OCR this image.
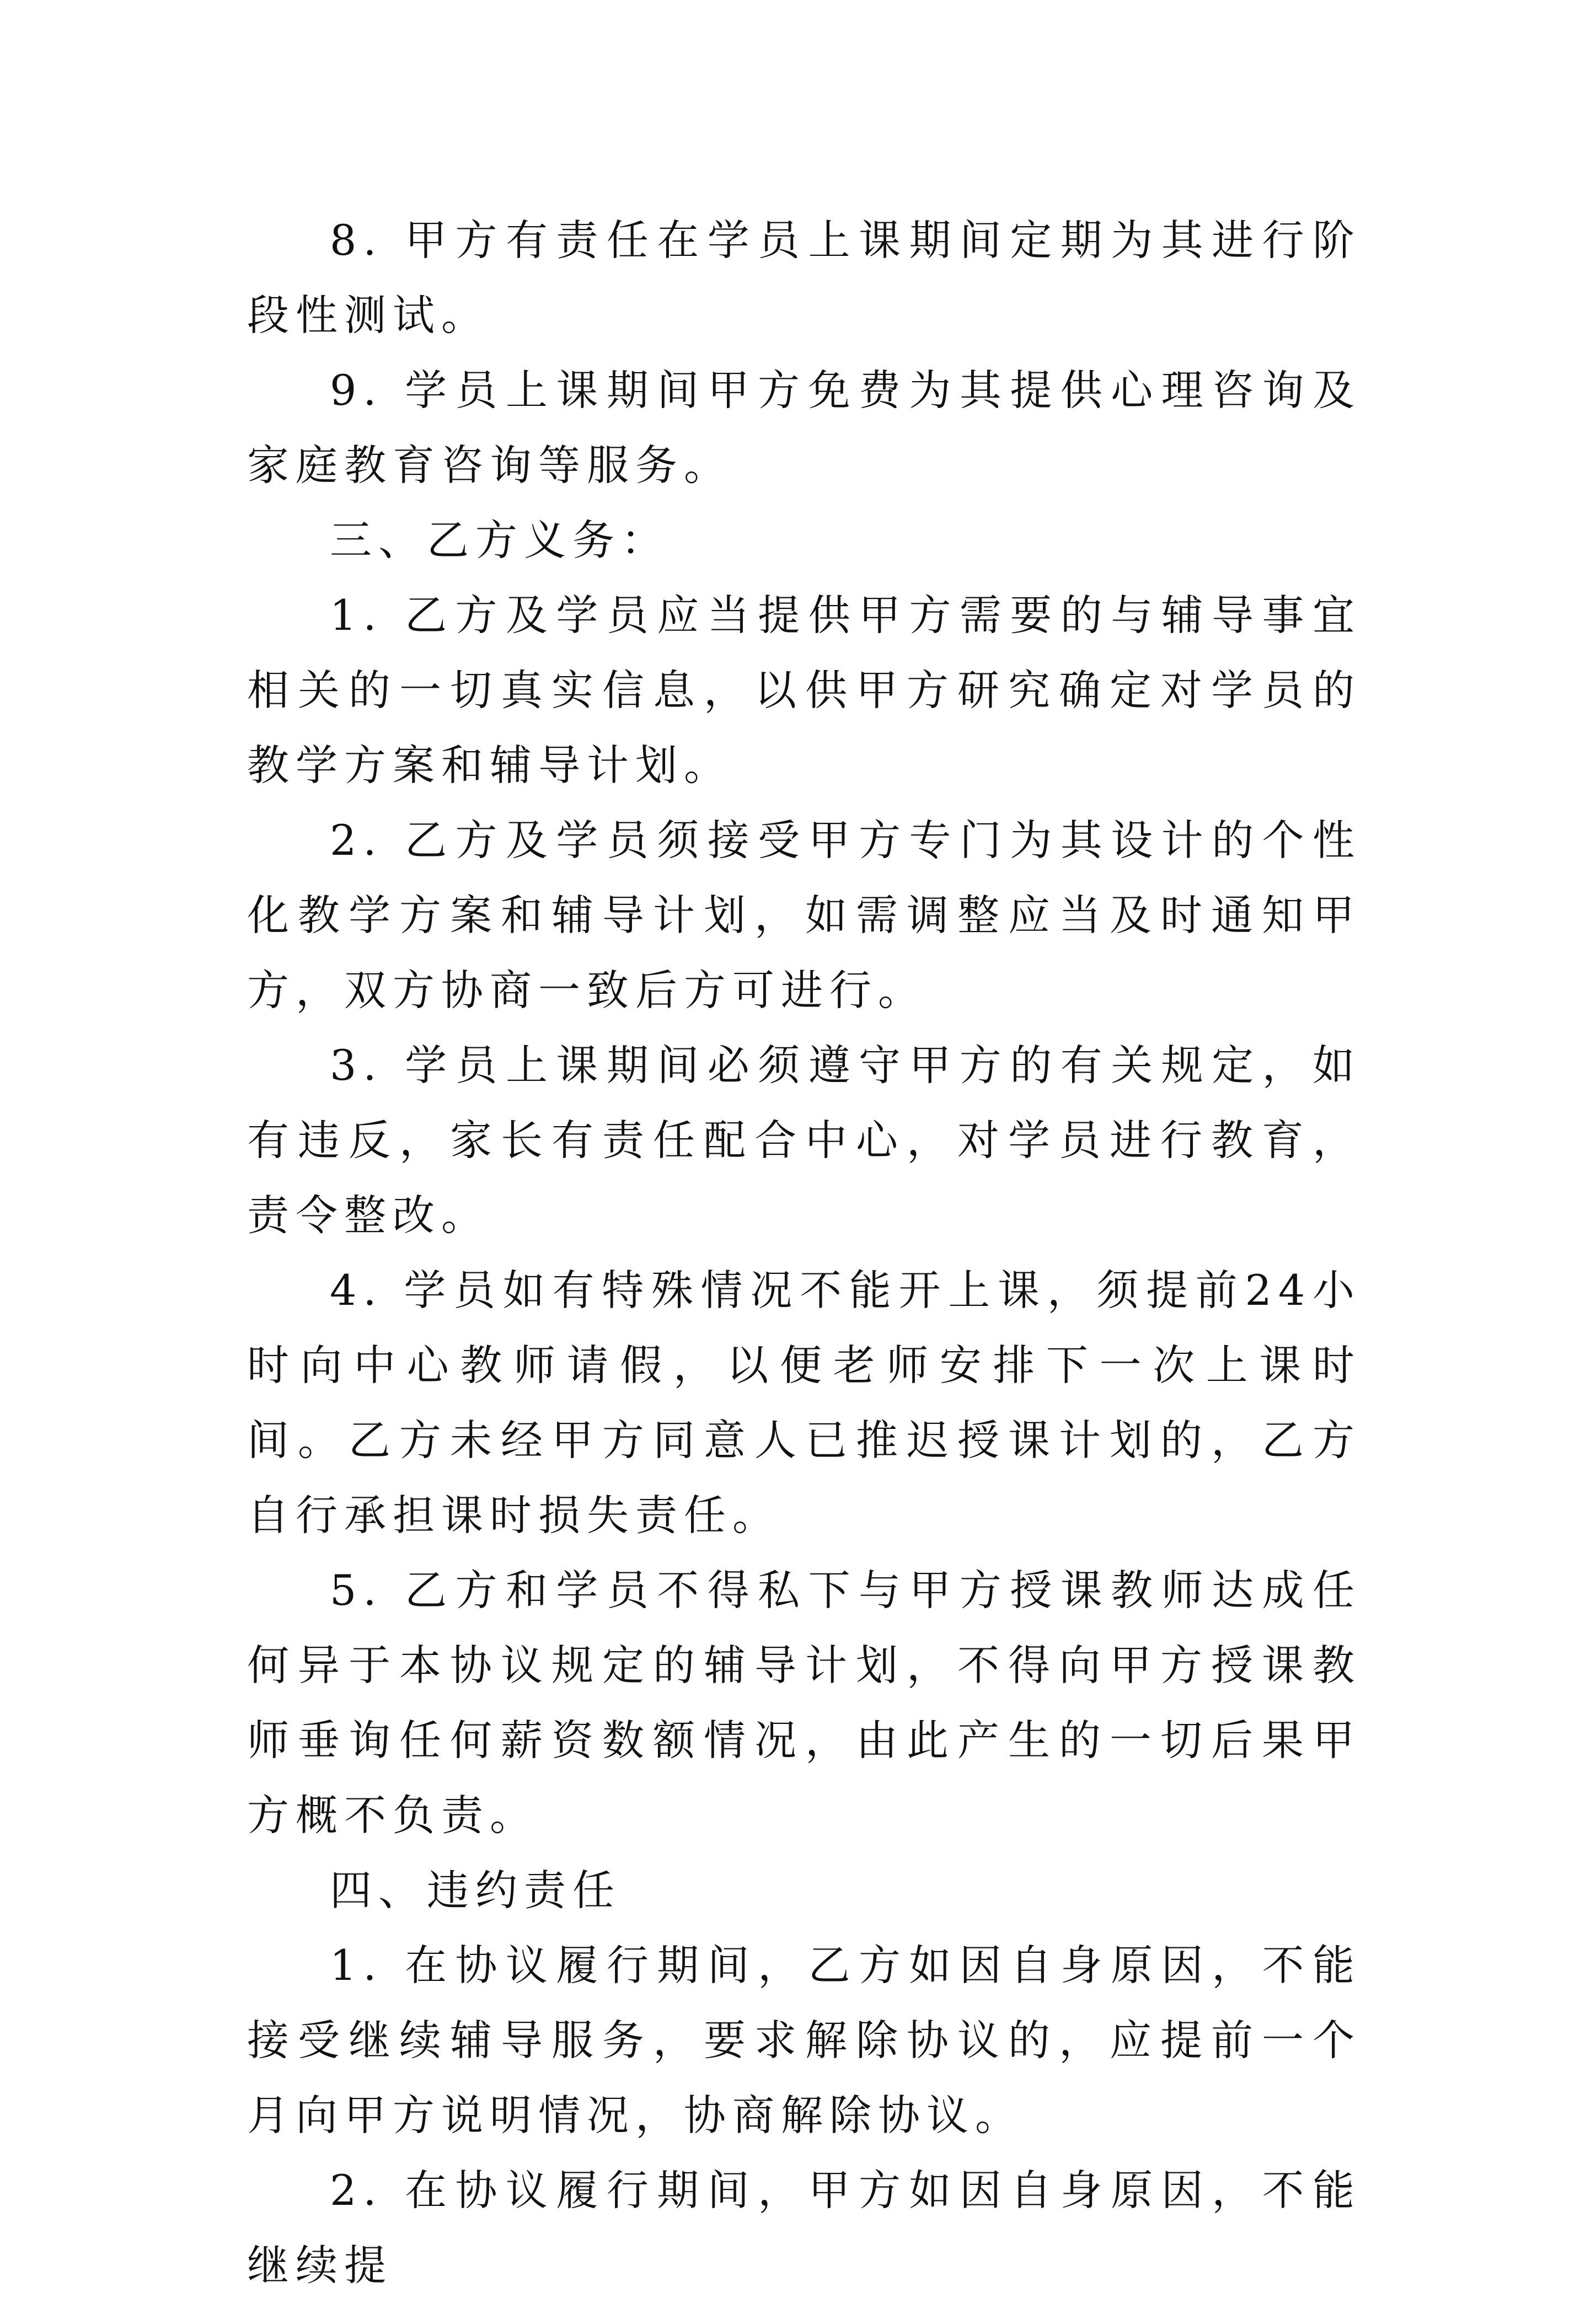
8. 甲方有责任在学员上课期间定期为其进行阶段性测试。

9. 学员上课期间甲方免费为其提供心理咨询及家庭教育咨询等服务。

三、乙方义务：

1. 乙方及学员应当提供甲方需要的与辅导事宜相关的一切真实信息，以供甲方研究确定对学员的教学方案和辅导计划。

2. 乙方及学员须接受甲方专门为其设计的个性化教学方案和辅导计划，如需调整应当及时通知甲方，双方协商一致后方可进行。

3. 学员上课期间必须遵守甲方的有关规定，如有违反，家长有责任配合中心，对学员进行教育，责令整改。

4. 学员如有特殊情况不能开上课，须提前24小时向中心教师请假，以便老师安排下一次上课时间。乙方未经甲方同意人已推迟授课计划的，乙方自行承担课时损失责任。

5. 乙方和学员不得私下与甲方授课教师达成任何异于本协议规定的辅导计划，不得向甲方授课教师垂询任何薪资数额情况，由此产生的一切后果甲方概不负责。

四、违约责任

1. 在协议履行期间，乙方如因自身原因，不能接受继续辅导服务，要求解除协议的，应提前一个月向甲方说明情况，协商解除协议。

2. 在协议履行期间，甲方如因自身原因，不能继续提
